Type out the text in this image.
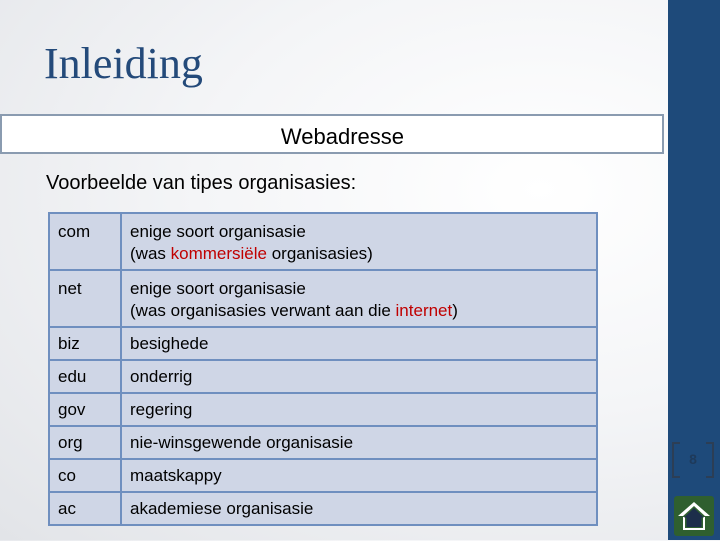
Inleiding
Webadresse
Voorbeelde van tipes organisasies:
com	enige soort organisasie
(was kommersiële organisasies)
net	enige soort organisasie
(was organisasies verwant aan die internet)
biz	besighede
edu	onderrig
gov	regering
org	nie-winsgewende organisasie
co	maatskappy
ac	akademiese organisasie
8
